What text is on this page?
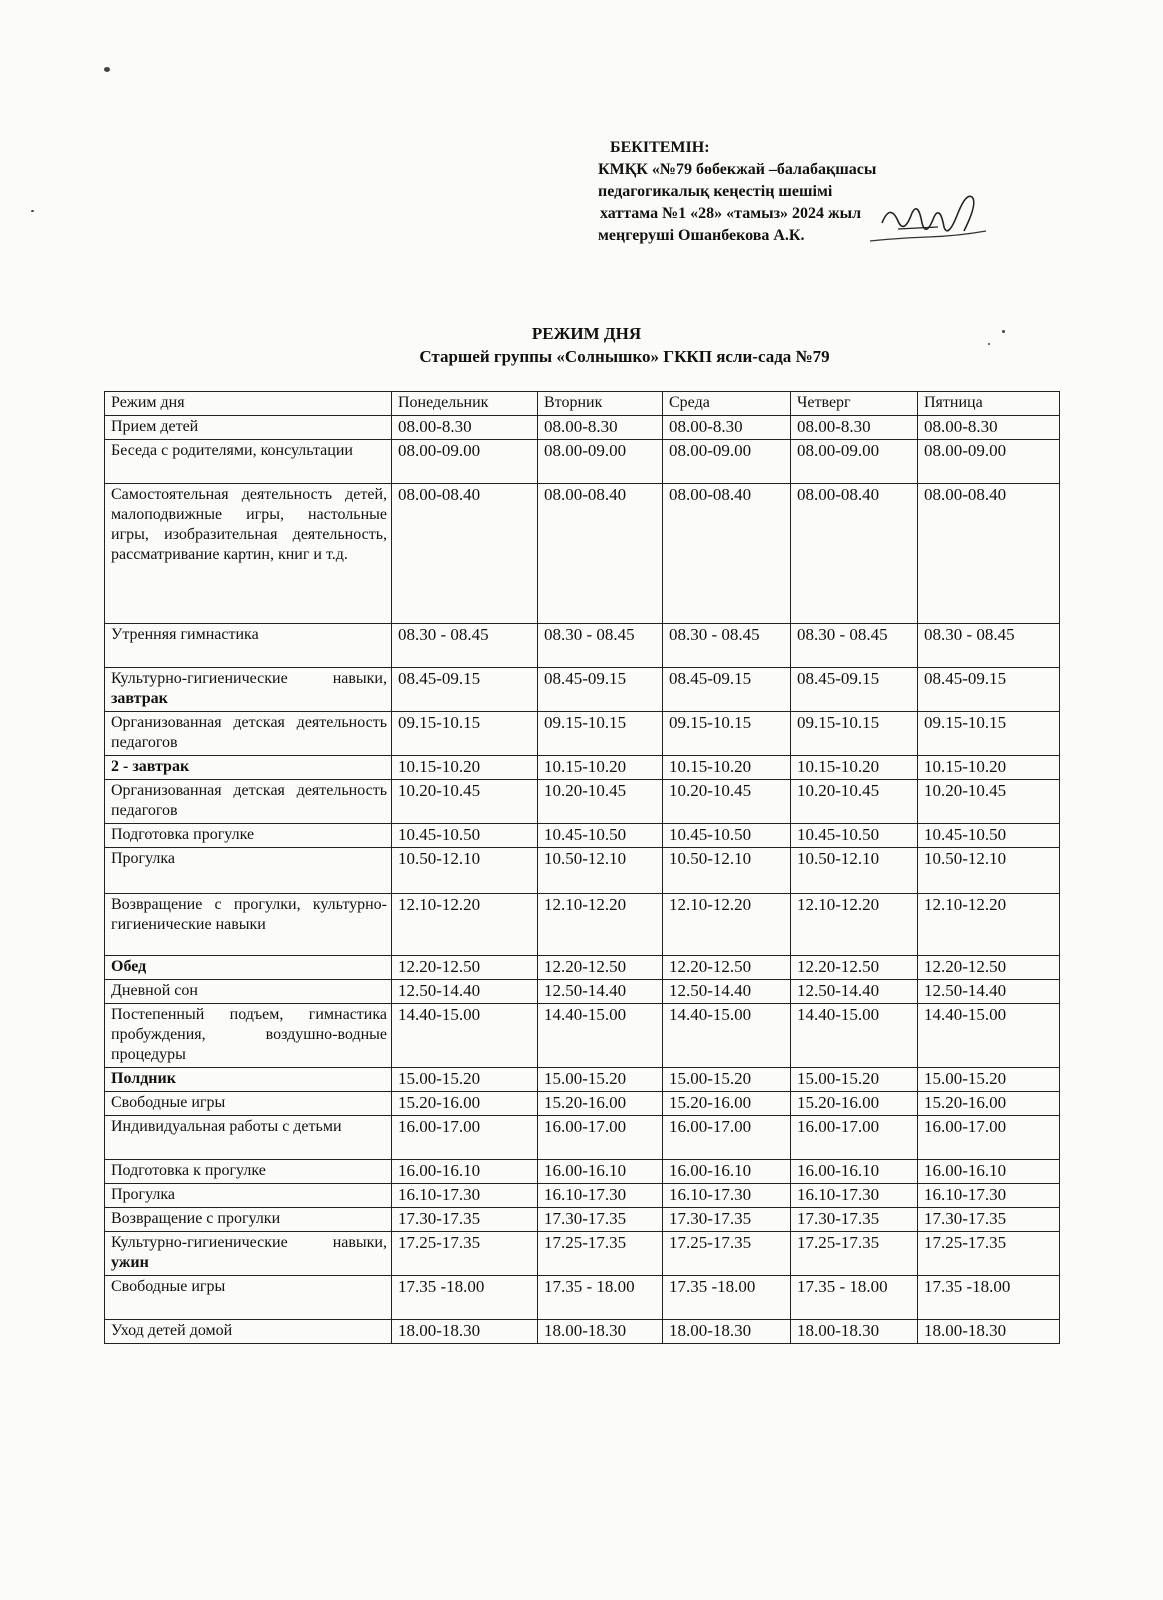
БЕКІТЕМІН:
КМҚК «№79 бөбекжай –балабақшасы
педагогикалық кеңестің шешімі
хаттама №1 «28» «тамыз» 2024 жыл
меңгеруші Ошанбекова А.К.
РЕЖИМ ДНЯ
Старшей группы «Солнышко» ГККП ясли-сада №79
Режим дня	Понедельник	Вторник	Среда	Четверг	Пятница
Прием детей	08.00-8.30	08.00-8.30	08.00-8.30	08.00-8.30	08.00-8.30
Беседа с родителями, консультации	08.00-09.00	08.00-09.00	08.00-09.00	08.00-09.00	08.00-09.00
Самостоятельная деятельность детей, малоподвижные игры, настольные игры, изобразительная деятельность, рассматривание картин, книг и т.д.	08.00-08.40	08.00-08.40	08.00-08.40	08.00-08.40	08.00-08.40
Утренняя гимнастика	08.30 - 08.45	08.30 - 08.45	08.30 - 08.45	08.30 - 08.45	08.30 - 08.45
Культурно-гигиенические навыки, завтрак	08.45-09.15	08.45-09.15	08.45-09.15	08.45-09.15	08.45-09.15
Организованная детская деятельность педагогов	09.15-10.15	09.15-10.15	09.15-10.15	09.15-10.15	09.15-10.15
2 - завтрак	10.15-10.20	10.15-10.20	10.15-10.20	10.15-10.20	10.15-10.20
Организованная детская деятельность педагогов	10.20-10.45	10.20-10.45	10.20-10.45	10.20-10.45	10.20-10.45
Подготовка прогулке	10.45-10.50	10.45-10.50	10.45-10.50	10.45-10.50	10.45-10.50
Прогулка	10.50-12.10	10.50-12.10	10.50-12.10	10.50-12.10	10.50-12.10
Возвращение с прогулки, культурно-гигиенические навыки	12.10-12.20	12.10-12.20	12.10-12.20	12.10-12.20	12.10-12.20
Обед	12.20-12.50	12.20-12.50	12.20-12.50	12.20-12.50	12.20-12.50
Дневной сон	12.50-14.40	12.50-14.40	12.50-14.40	12.50-14.40	12.50-14.40
Постепенный подъем, гимнастика пробуждения, воздушно-водные процедуры	14.40-15.00	14.40-15.00	14.40-15.00	14.40-15.00	14.40-15.00
Полдник	15.00-15.20	15.00-15.20	15.00-15.20	15.00-15.20	15.00-15.20
Свободные игры	15.20-16.00	15.20-16.00	15.20-16.00	15.20-16.00	15.20-16.00
Индивидуальная работы с детьми	16.00-17.00	16.00-17.00	16.00-17.00	16.00-17.00	16.00-17.00
Подготовка к прогулке	16.00-16.10	16.00-16.10	16.00-16.10	16.00-16.10	16.00-16.10
Прогулка	16.10-17.30	16.10-17.30	16.10-17.30	16.10-17.30	16.10-17.30
Возвращение с прогулки	17.30-17.35	17.30-17.35	17.30-17.35	17.30-17.35	17.30-17.35
Культурно-гигиенические навыки, ужин	17.25-17.35	17.25-17.35	17.25-17.35	17.25-17.35	17.25-17.35
Свободные игры	17.35 -18.00	17.35 - 18.00	17.35 -18.00	17.35 - 18.00	17.35 -18.00
Уход детей домой	18.00-18.30	18.00-18.30	18.00-18.30	18.00-18.30	18.00-18.30
